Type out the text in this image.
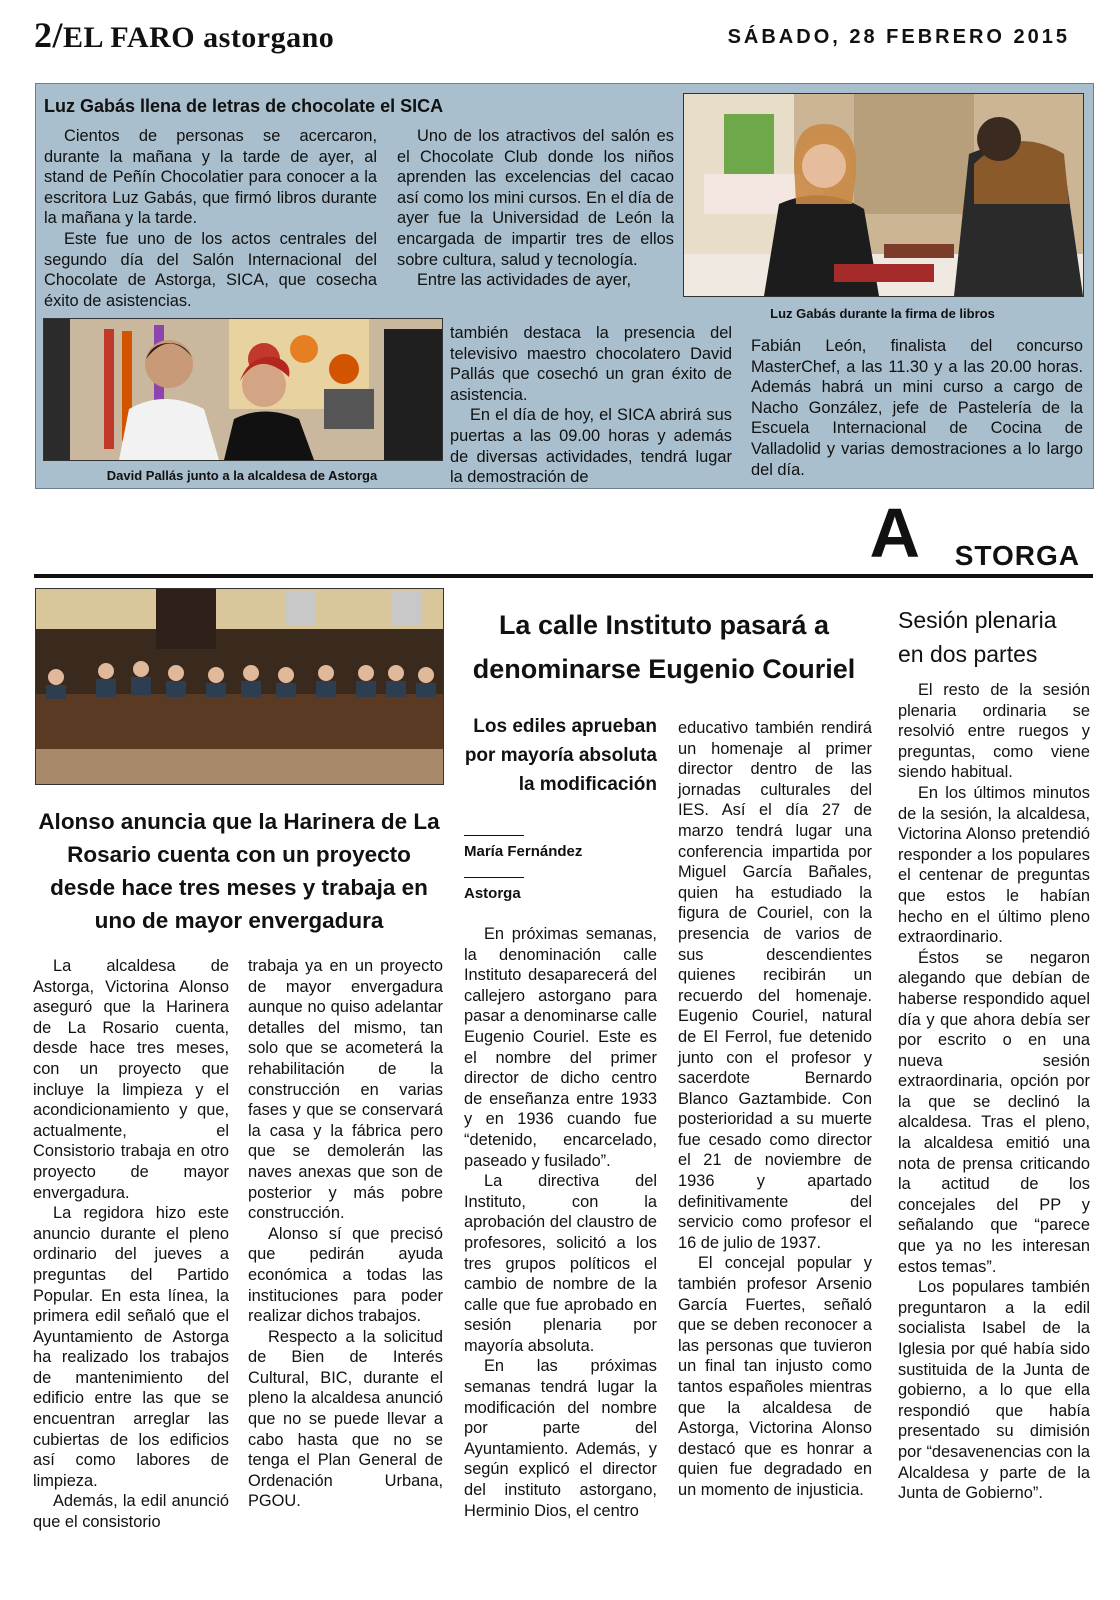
2/EL FARO astorgano	SÁBADO, 28 FEBRERO 2015
Luz Gabás llena de letras de chocolate el SICA

Cientos de personas se acercaron, durante la mañana y la tarde de ayer, al stand de Peñín Chocolatier para conocer a la escritora Luz Gabás, que firmó libros durante la mañana y la tarde.

Este fue uno de los actos centrales del segundo día del Salón Internacional del Chocolate de Astorga, SICA, que cosecha éxito de asistencias.

Uno de los atractivos del salón es el Chocolate Club donde los niños aprenden las excelencias del cacao así como los mini cursos. En el día de ayer fue la Universidad de León la encargada de impartir tres de ellos sobre cultura, salud y tecnología.

Entre las actividades de ayer,

también destaca la presencia del televisivo maestro chocolatero David Pallás que cosechó un gran éxito de asistencia.

En el día de hoy, el SICA abrirá sus puertas a las 09.00 horas y además de diversas actividades, tendrá lugar la demostración de

Fabián León, finalista del concurso MasterChef, a las 11.30 y a las 20.00 horas. Además habrá un mini curso a cargo de Nacho González, jefe de Pastelería de la Escuela Internacional de Cocina de Valladolid y varias demostraciones a lo largo del día.

David Pallás junto a la alcaldesa de Astorga
Luz Gabás durante la firma de libros
A STORGA
Alonso anuncia que la Harinera de La Rosario cuenta con un proyecto desde hace tres meses y trabaja en uno de mayor envergadura

La alcaldesa de Astorga, Victorina Alonso aseguró que la Harinera de La Rosario cuenta, desde hace tres meses, con un proyecto que incluye la limpieza y el acondicionamiento y que, actualmente, el Consistorio trabaja en otro proyecto de mayor envergadura.

La regidora hizo este anuncio durante el pleno ordinario del jueves a preguntas del Partido Popular. En esta línea, la primera edil señaló que el Ayuntamiento de Astorga ha realizado los trabajos de mantenimiento del edificio entre las que se encuentran arreglar las cubiertas de los edificios así como labores de limpieza.

Además, la edil anunció que el consistorio

trabaja ya en un proyecto de mayor envergadura aunque no quiso adelantar detalles del mismo, tan solo que se acometerá la rehabilitación de la construcción en varias fases y que se conservará la casa y la fábrica pero que se demolerán las naves anexas que son de posterior y más pobre construcción.

Alonso sí que precisó que pedirán ayuda económica a todas las instituciones para poder realizar dichos trabajos.

Respecto a la solicitud de Bien de Interés Cultural, BIC, durante el pleno la alcaldesa anunció que no se puede llevar a cabo hasta que no se tenga el Plan General de Ordenación Urbana, PGOU.

La calle Instituto pasará a denominarse Eugenio Couriel
Los ediles aprueban por mayoría absoluta la modificación
María Fernández
Astorga

En próximas semanas, la denominación calle Instituto desaparecerá del callejero astorgano para pasar a denominarse calle Eugenio Couriel. Este es el nombre del primer director de dicho centro de enseñanza entre 1933 y en 1936 cuando fue “detenido, encarcelado, paseado y fusilado”.

La directiva del Instituto, con la aprobación del claustro de profesores, solicitó a los tres grupos políticos el cambio de nombre de la calle que fue aprobado en sesión plenaria por mayoría absoluta.

En las próximas semanas tendrá lugar la modificación del nombre por parte del Ayuntamiento. Además, y según explicó el director del instituto astorgano, Herminio Dios, el centro

educativo también rendirá un homenaje al primer director dentro de las jornadas culturales del IES. Así el día 27 de marzo tendrá lugar una conferencia impartida por Miguel García Bañales, quien ha estudiado la figura de Couriel, con la presencia de varios de sus descendientes quienes recibirán un recuerdo del homenaje. Eugenio Couriel, natural de El Ferrol, fue detenido junto con el profesor y sacerdote Bernardo Blanco Gaztambide. Con posterioridad a su muerte fue cesado como director el 21 de noviembre de 1936 y apartado definitivamente del servicio como profesor el 16 de julio de 1937.

El concejal popular y también profesor Arsenio García Fuertes, señaló que se deben reconocer a las personas que tuvieron un final tan injusto como tantos españoles mientras que la alcaldesa de Astorga, Victorina Alonso destacó que es honrar a quien fue degradado en un momento de injusticia.

Sesión plenaria en dos partes

El resto de la sesión plenaria ordinaria se resolvió entre ruegos y preguntas, como viene siendo habitual.

En los últimos minutos de la sesión, la alcaldesa, Victorina Alonso pretendió responder a los populares el centenar de preguntas que estos le habían hecho en el último pleno extraordinario.

Éstos se negaron alegando que debían de haberse respondido aquel día y que ahora debía ser por escrito o en una nueva sesión extraordinaria, opción por la que se declinó la alcaldesa. Tras el pleno, la alcaldesa emitió una nota de prensa criticando la actitud de los concejales del PP y señalando que “parece que ya no les interesan estos temas”.

Los populares también preguntaron a la edil socialista Isabel de la Iglesia por qué había sido sustituida de la Junta de gobierno, a lo que ella respondió que había presentado su dimisión por “desavenencias con la Alcaldesa y parte de la Junta de Gobierno”.
